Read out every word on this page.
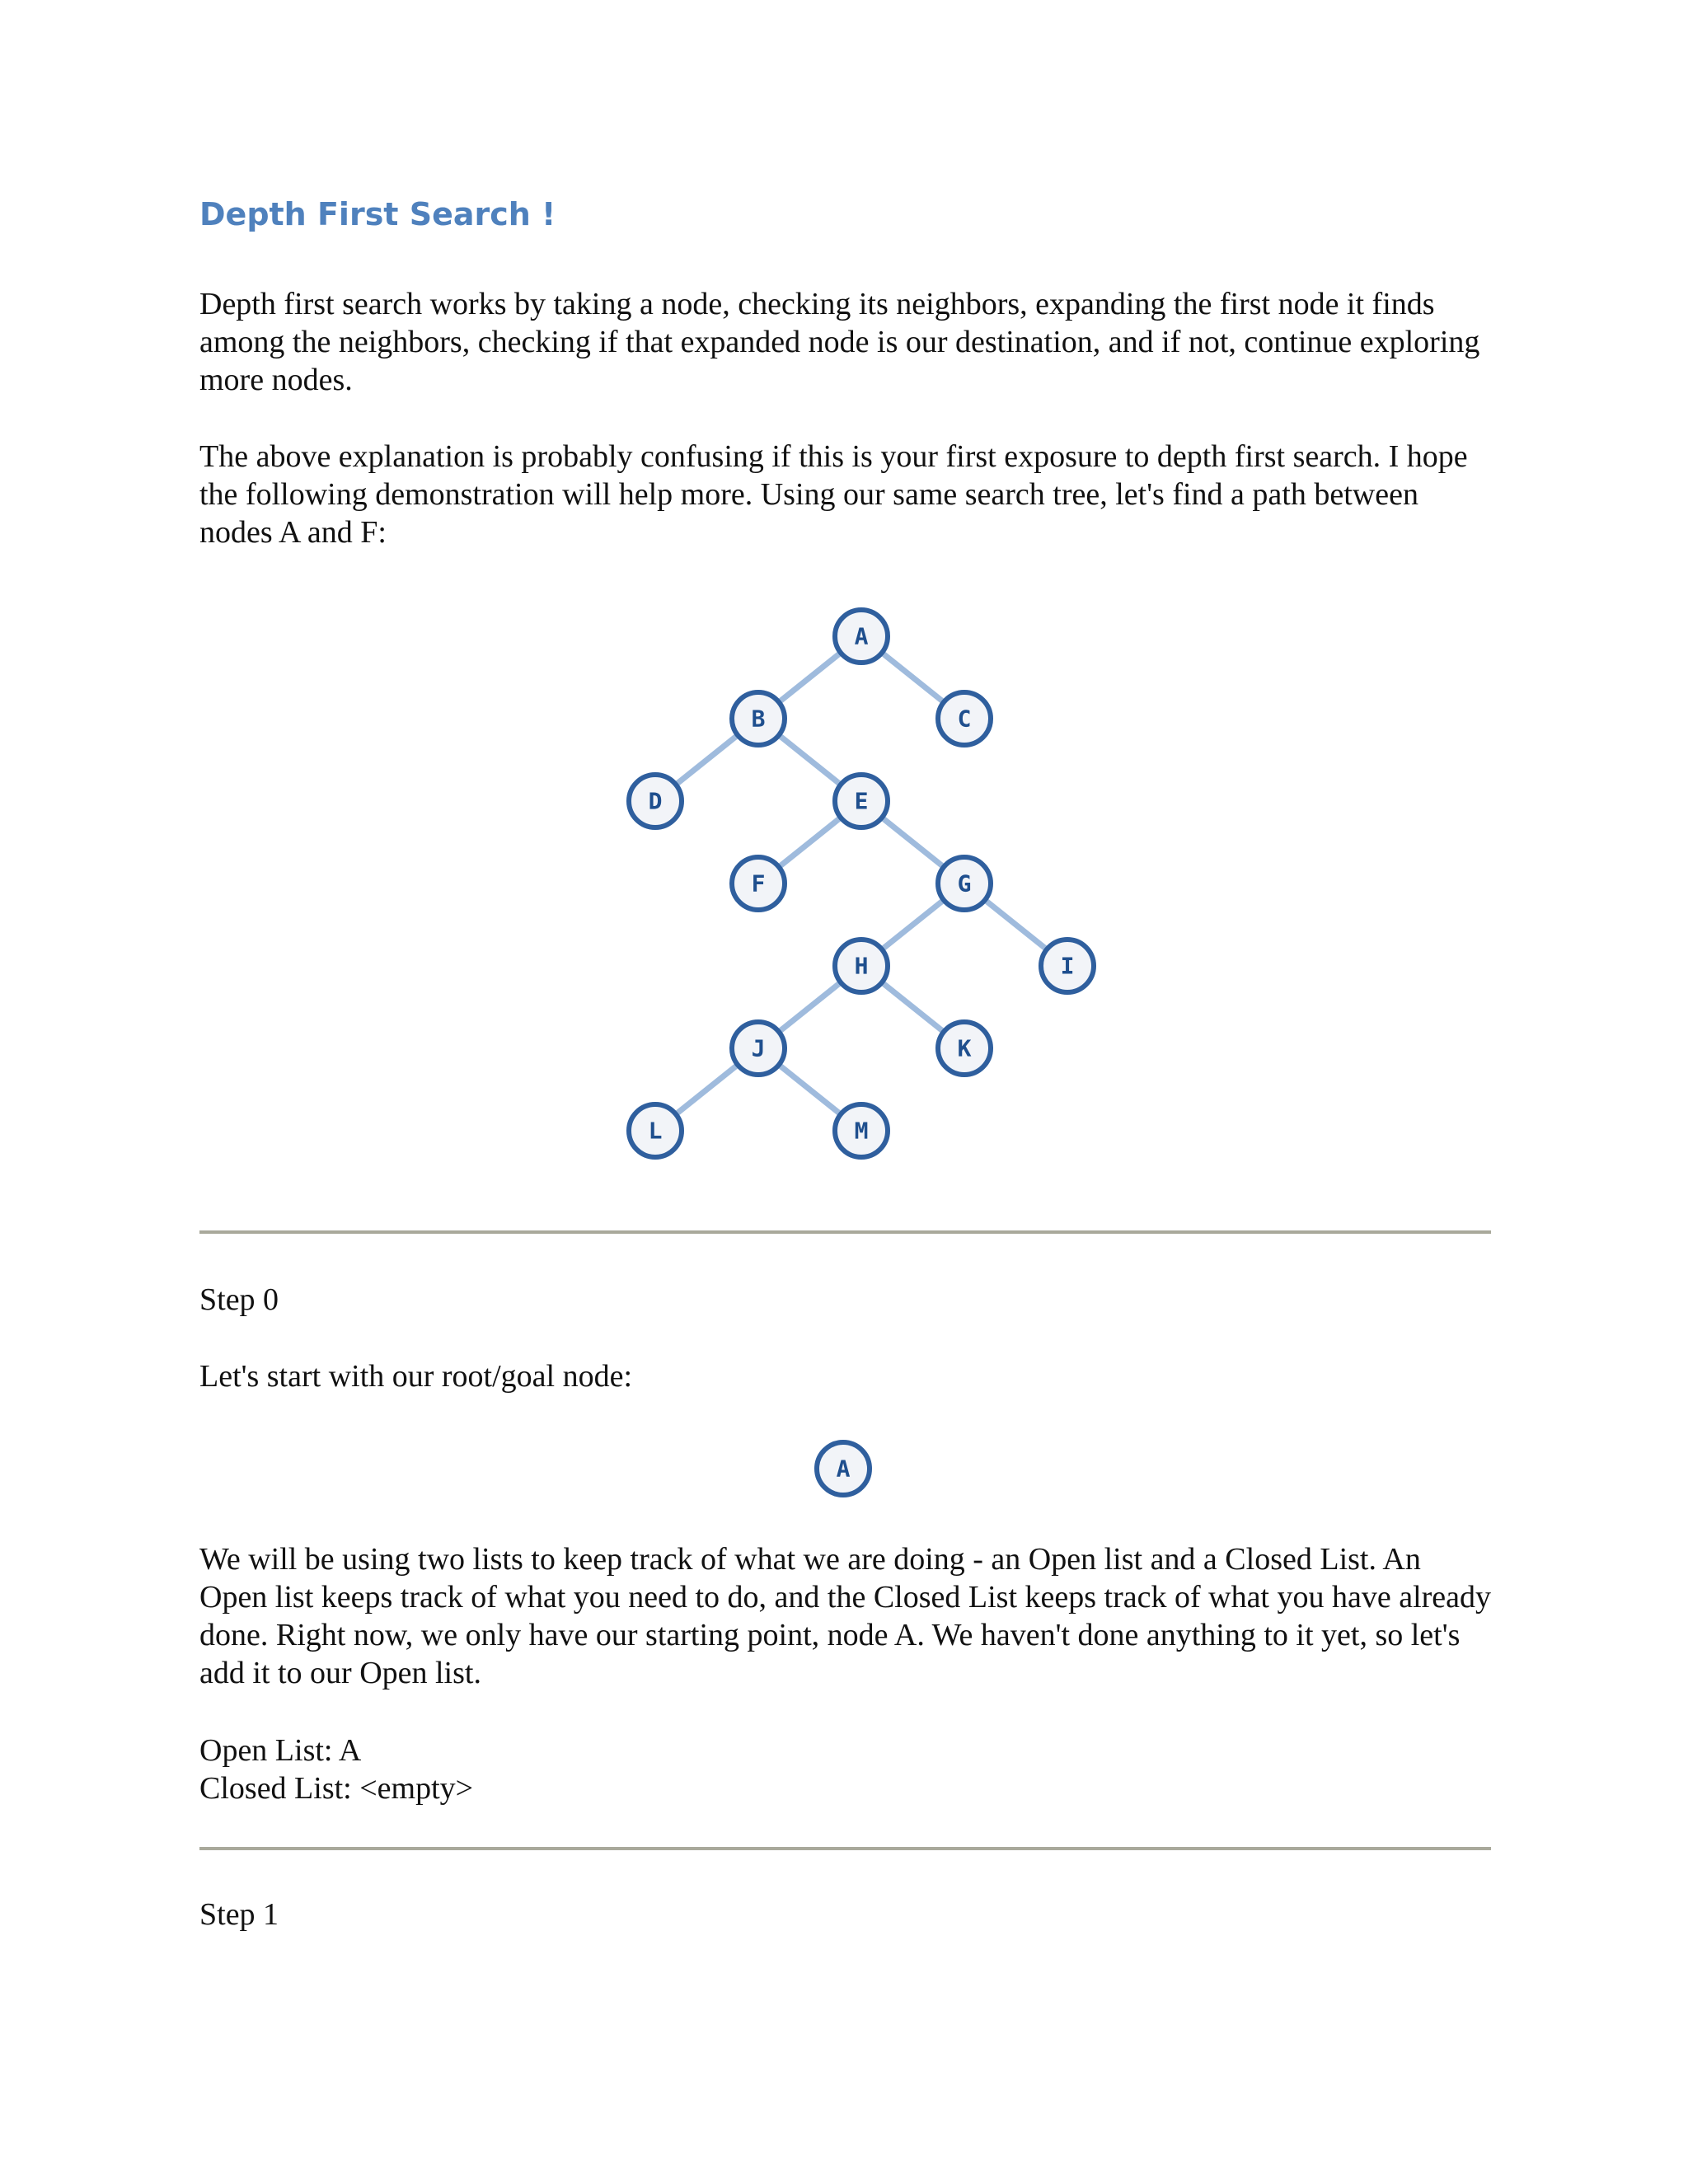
Depth First Search !

Depth first search works by taking a node, checking its neighbors, expanding the first node it finds among the neighbors, checking if that expanded node is our destination, and if not, continue exploring more nodes.

The above explanation is probably confusing if this is your first exposure to depth first search. I hope the following demonstration will help more. Using our same search tree, let's find a path between nodes A and F:

A
B	C
D	E
F	G
H	I
J	K
L	M
Step 0
Let's start with our root/goal node:
A

We will be using two lists to keep track of what we are doing - an Open list and a Closed List. An Open list keeps track of what you need to do, and the Closed List keeps track of what you have already done. Right now, we only have our starting point, node A. We haven't done anything to it yet, so let's add it to our Open list.

Open List: A
Closed List: <empty>
Step 1
